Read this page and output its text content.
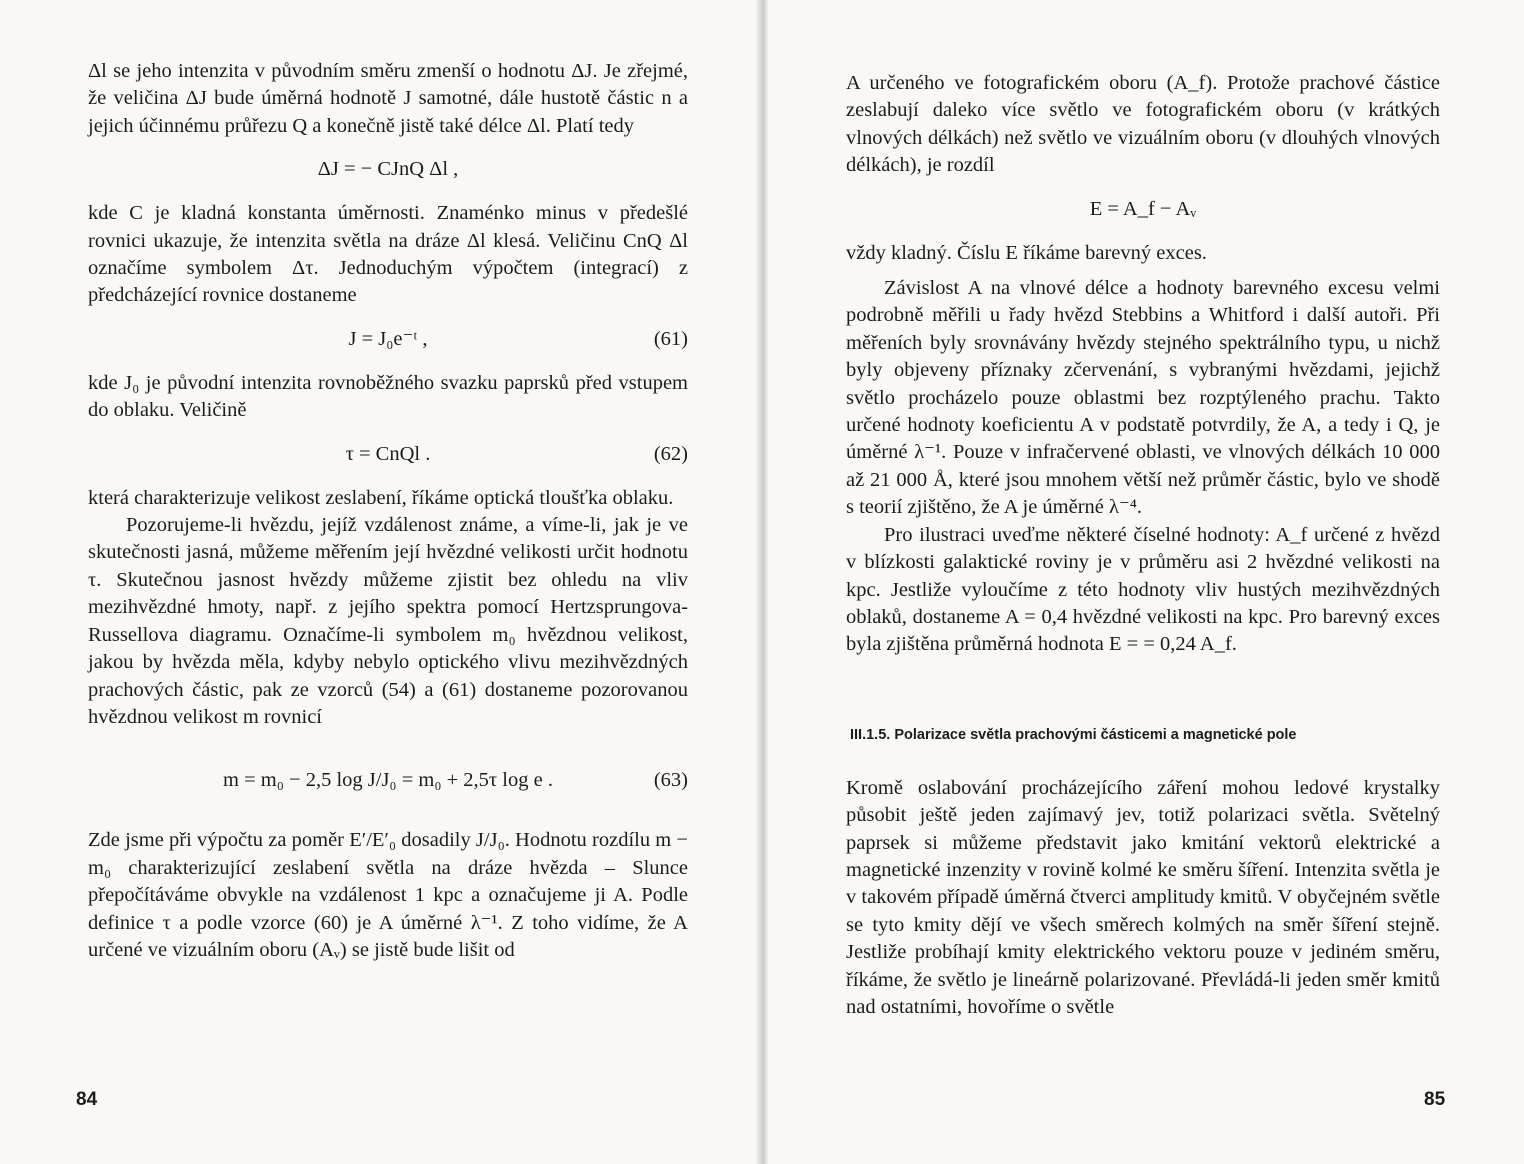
Δl se jeho intenzita v původním směru zmenší o hodnotu ΔJ. Je zřejmé, že veličina ΔJ bude úměrná hodnotě J samotné, dále hustotě částic n a jejich účinnému průřezu Q a konečně jistě také délce Δl. Platí tedy

ΔJ = − CJnQ Δl ,

kde C je kladná konstanta úměrnosti. Znaménko minus v předešlé rovnici ukazuje, že intenzita světla na dráze Δl klesá. Veličinu CnQ Δl označíme symbolem Δτ. Jednoduchým výpočtem (integrací) z předcházející rovnice dostaneme

J = J₀e⁻ᵗ ,	(61)

kde J₀ je původní intenzita rovnoběžného svazku paprsků před vstupem do oblaku. Veličině

τ = CnQl .	(62)

která charakterizuje velikost zeslabení, říkáme optická tloušťka oblaku.

Pozorujeme-li hvězdu, jejíž vzdálenost známe, a víme-li, jak je ve skutečnosti jasná, můžeme měřením její hvězdné velikosti určit hodnotu τ. Skutečnou jasnost hvězdy můžeme zjistit bez ohledu na vliv mezihvězdné hmoty, např. z jejího spektra pomocí Hertzsprungova-Russellova diagramu. Označíme-li symbolem m₀ hvězdnou velikost, jakou by hvězda měla, kdyby nebylo optického vlivu mezihvězdných prachových částic, pak ze vzorců (54) a (61) dostaneme pozorovanou hvězdnou velikost m rovnicí

m = m₀ − 2,5 log J/J₀ = m₀ + 2,5τ log e .	(63)

Zde jsme při výpočtu za poměr E′/E′₀ dosadily J/J₀. Hodnotu rozdílu m − m₀ charakterizující zeslabení světla na dráze hvězda – Slunce přepočítáváme obvykle na vzdálenost 1 kpc a označujeme ji A. Podle definice τ a podle vzorce (60) je A úměrné λ⁻¹. Z toho vidíme, že A určené ve vizuálním oboru (Aᵥ) se jistě bude lišit od

84

A určeného ve fotografickém oboru (A_f). Protože prachové částice zeslabují daleko více světlo ve fotografickém oboru (v krátkých vlnových délkách) než světlo ve vizuálním oboru (v dlouhých vlnových délkách), je rozdíl

E = A_f − Aᵥ

vždy kladný. Číslu E říkáme barevný exces.

Závislost A na vlnové délce a hodnoty barevného excesu velmi podrobně měřili u řady hvězd Stebbins a Whitford i další autoři. Při měřeních byly srovnávány hvězdy stejného spektrálního typu, u nichž byly objeveny příznaky zčervenání, s vybranými hvězdami, jejichž světlo procházelo pouze oblastmi bez rozptýleného prachu. Takto určené hodnoty koeficientu A v podstatě potvrdily, že A, a tedy i Q, je úměrné λ⁻¹. Pouze v infračervené oblasti, ve vlnových délkách 10 000 až 21 000 Å, které jsou mnohem větší než průměr částic, bylo ve shodě s teorií zjištěno, že A je úměrné λ⁻⁴.

Pro ilustraci uveďme některé číselné hodnoty: A_f určené z hvězd v blízkosti galaktické roviny je v průměru asi 2 hvězdné velikosti na kpc. Jestliže vyloučíme z této hodnoty vliv hustých mezihvězdných oblaků, dostaneme A = 0,4 hvězdné velikosti na kpc. Pro barevný exces byla zjištěna průměrná hodnota E = = 0,24 A_f.

III.1.5. Polarizace světla prachovými částicemi a magnetické pole

Kromě oslabování procházejícího záření mohou ledové krystalky působit ještě jeden zajímavý jev, totiž polarizaci světla. Světelný paprsek si můžeme představit jako kmitání vektorů elektrické a magnetické inzenzity v rovině kolmé ke směru šíření. Intenzita světla je v takovém případě úměrná čtverci amplitudy kmitů. V obyčejném světle se tyto kmity dějí ve všech směrech kolmých na směr šíření stejně. Jestliže probíhají kmity elektrického vektoru pouze v jediném směru, říkáme, že světlo je lineárně polarizované. Převládá-li jeden směr kmitů nad ostatními, hovoříme o světle

85
